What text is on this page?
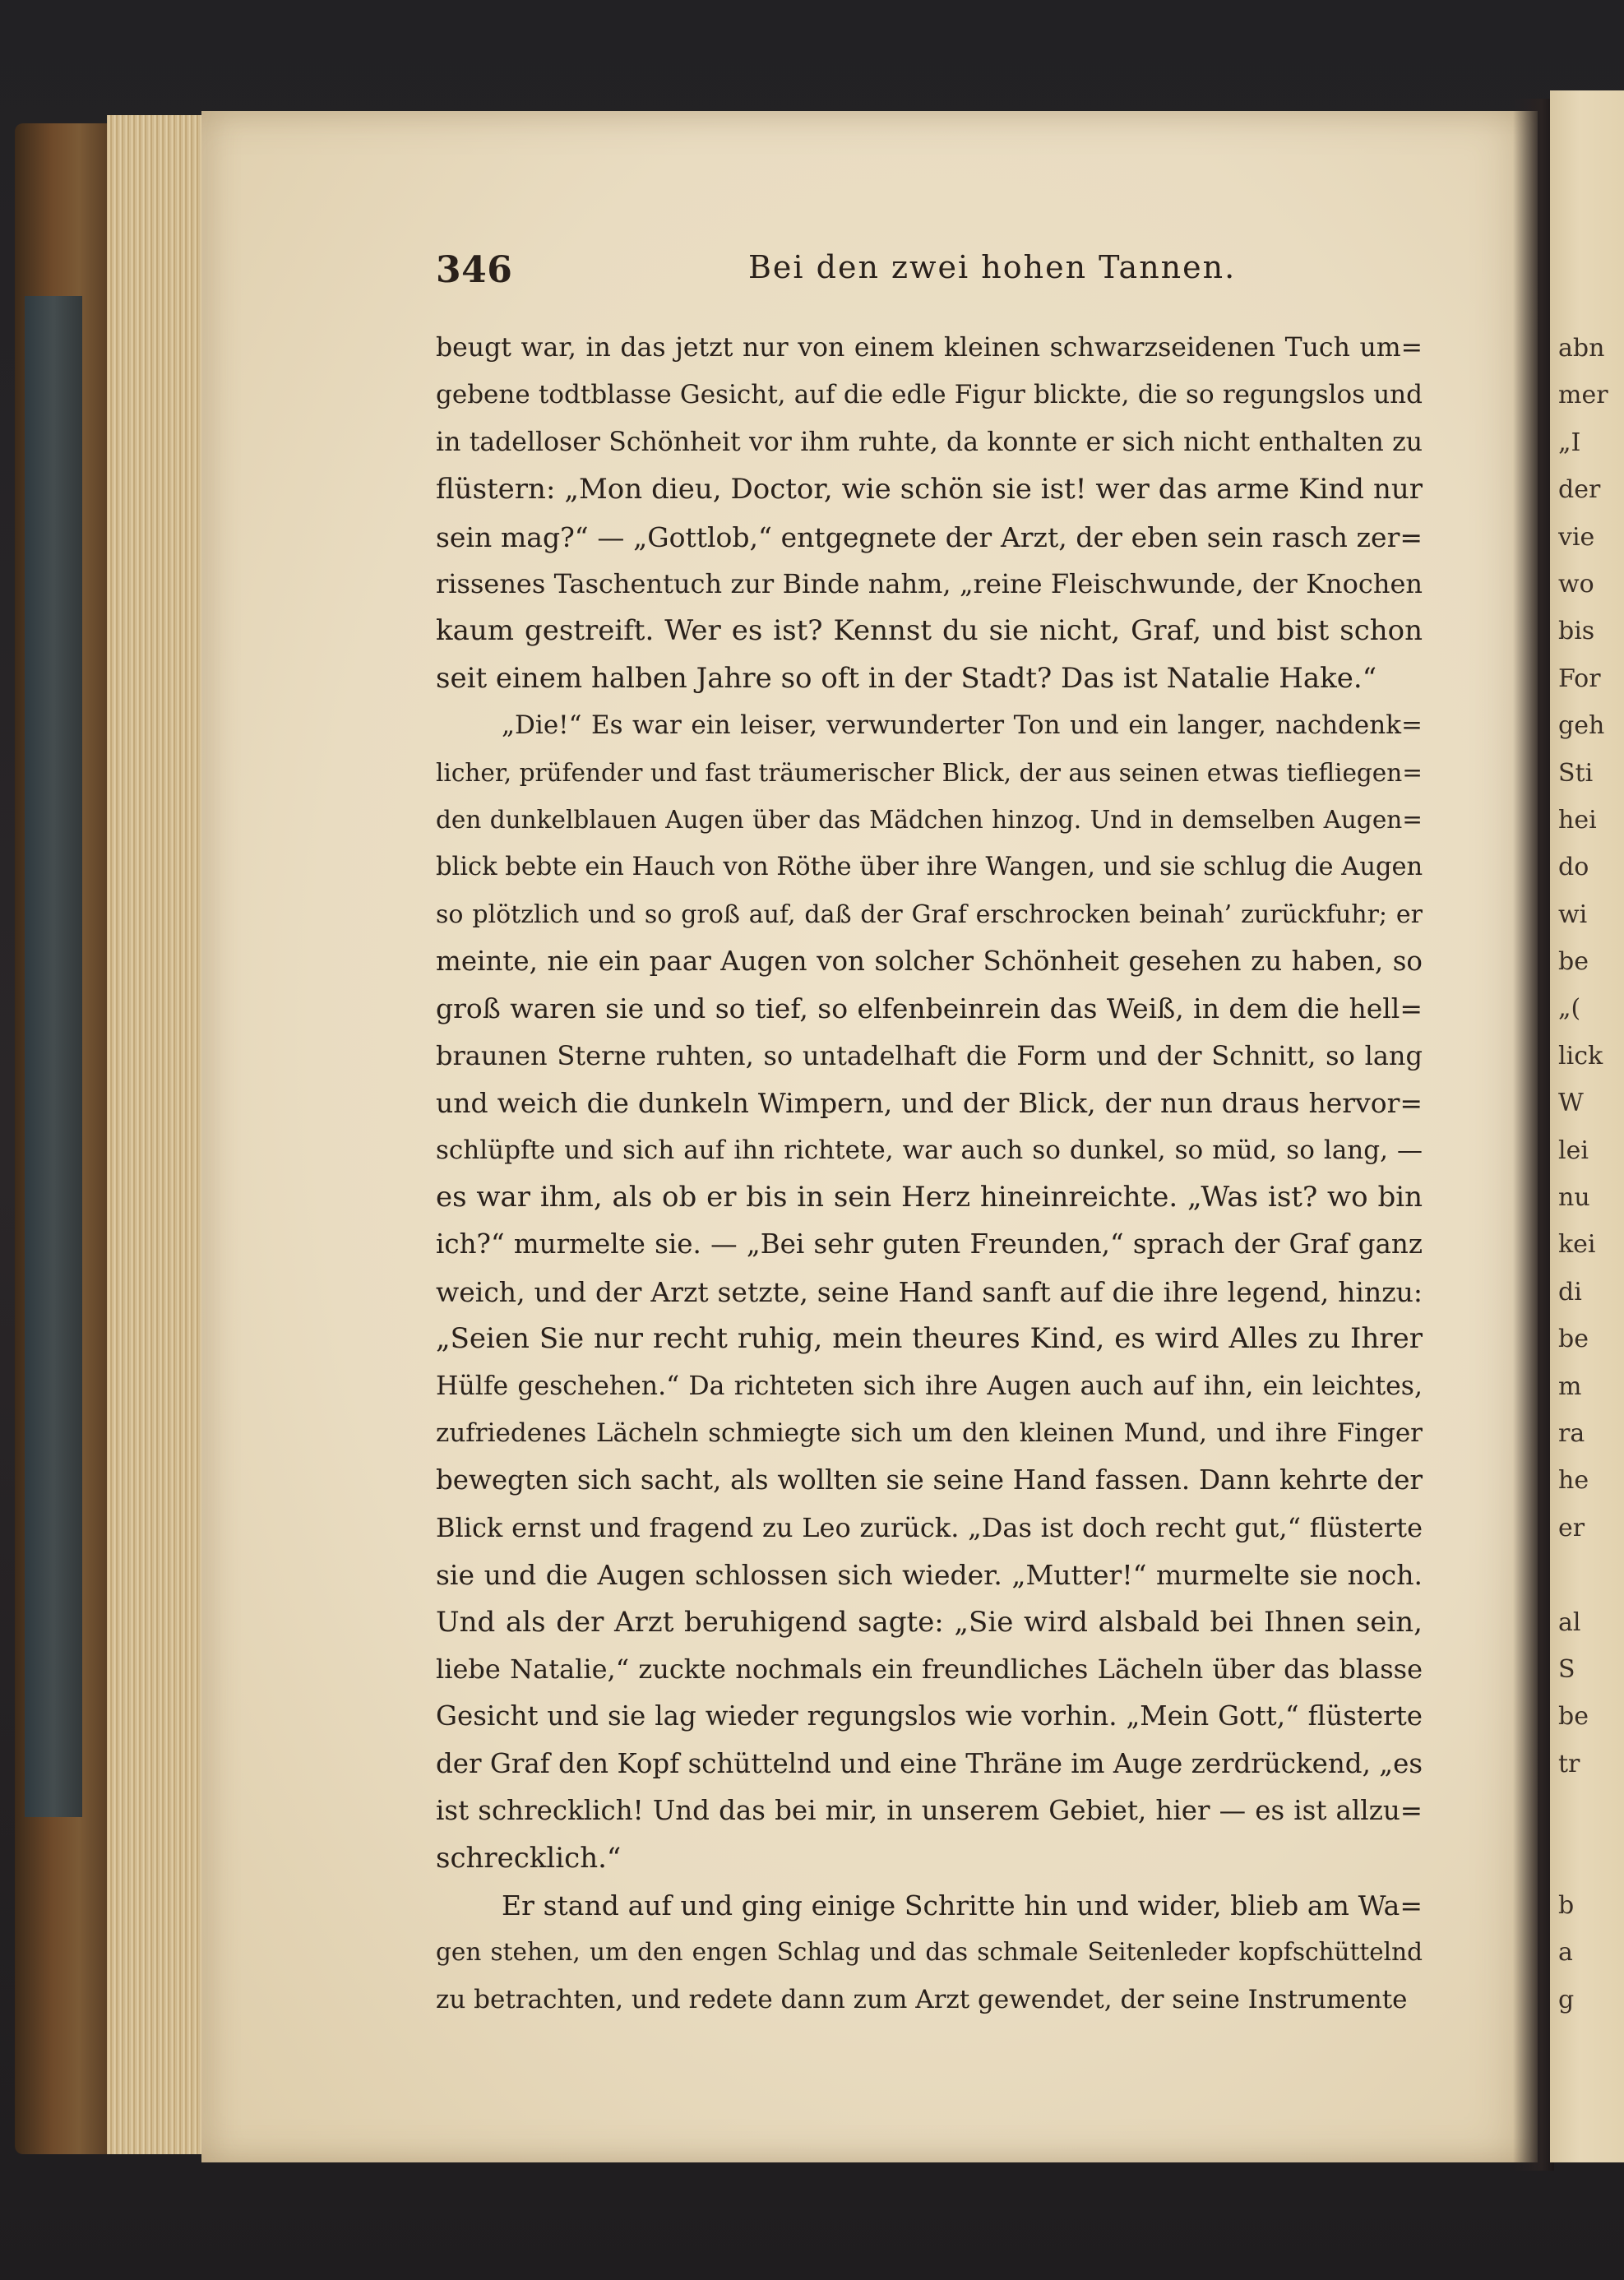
346	Bei den zwei hohen Tannen.
beugt war, in das jetzt nur von einem kleinen schwarzseidenen Tuch um=
gebene todtblasse Gesicht, auf die edle Figur blickte, die so regungslos und
in tadelloser Schönheit vor ihm ruhte, da konnte er sich nicht enthalten zu
flüstern: „Mon dieu, Doctor, wie schön sie ist! wer das arme Kind nur
sein mag?“ — „Gottlob,“ entgegnete der Arzt, der eben sein rasch zer=
rissenes Taschentuch zur Binde nahm, „reine Fleischwunde, der Knochen
kaum gestreift. Wer es ist? Kennst du sie nicht, Graf, und bist schon
seit einem halben Jahre so oft in der Stadt? Das ist Natalie Hake.“
„Die!“ Es war ein leiser, verwunderter Ton und ein langer, nachdenk=
licher, prüfender und fast träumerischer Blick, der aus seinen etwas tiefliegen=
den dunkelblauen Augen über das Mädchen hinzog. Und in demselben Augen=
blick bebte ein Hauch von Röthe über ihre Wangen, und sie schlug die Augen
so plötzlich und so groß auf, daß der Graf erschrocken beinah’ zurückfuhr; er
meinte, nie ein paar Augen von solcher Schönheit gesehen zu haben, so
groß waren sie und so tief, so elfenbeinrein das Weiß, in dem die hell=
braunen Sterne ruhten, so untadelhaft die Form und der Schnitt, so lang
und weich die dunkeln Wimpern, und der Blick, der nun draus hervor=
schlüpfte und sich auf ihn richtete, war auch so dunkel, so müd, so lang, —
es war ihm, als ob er bis in sein Herz hineinreichte. „Was ist? wo bin
ich?“ murmelte sie. — „Bei sehr guten Freunden,“ sprach der Graf ganz
weich, und der Arzt setzte, seine Hand sanft auf die ihre legend, hinzu:
„Seien Sie nur recht ruhig, mein theures Kind, es wird Alles zu Ihrer
Hülfe geschehen.“ Da richteten sich ihre Augen auch auf ihn, ein leichtes,
zufriedenes Lächeln schmiegte sich um den kleinen Mund, und ihre Finger
bewegten sich sacht, als wollten sie seine Hand fassen. Dann kehrte der
Blick ernst und fragend zu Leo zurück. „Das ist doch recht gut,“ flüsterte
sie und die Augen schlossen sich wieder. „Mutter!“ murmelte sie noch.
Und als der Arzt beruhigend sagte: „Sie wird alsbald bei Ihnen sein,
liebe Natalie,“ zuckte nochmals ein freundliches Lächeln über das blasse
Gesicht und sie lag wieder regungslos wie vorhin. „Mein Gott,“ flüsterte
der Graf den Kopf schüttelnd und eine Thräne im Auge zerdrückend, „es
ist schrecklich! Und das bei mir, in unserem Gebiet, hier — es ist allzu=
schrecklich.“
Er stand auf und ging einige Schritte hin und wider, blieb am Wa=
gen stehen, um den engen Schlag und das schmale Seitenleder kopfschüttelnd
zu betrachten, und redete dann zum Arzt gewendet, der seine Instrumente
abn
mer
„I
der
vie
wo
bis
For
geh
Sti
hei
do
wi
be
„(
lick
W
lei
nu
kei
di
be
m
ra
he
er
al
S
be
tr
b
a
g
